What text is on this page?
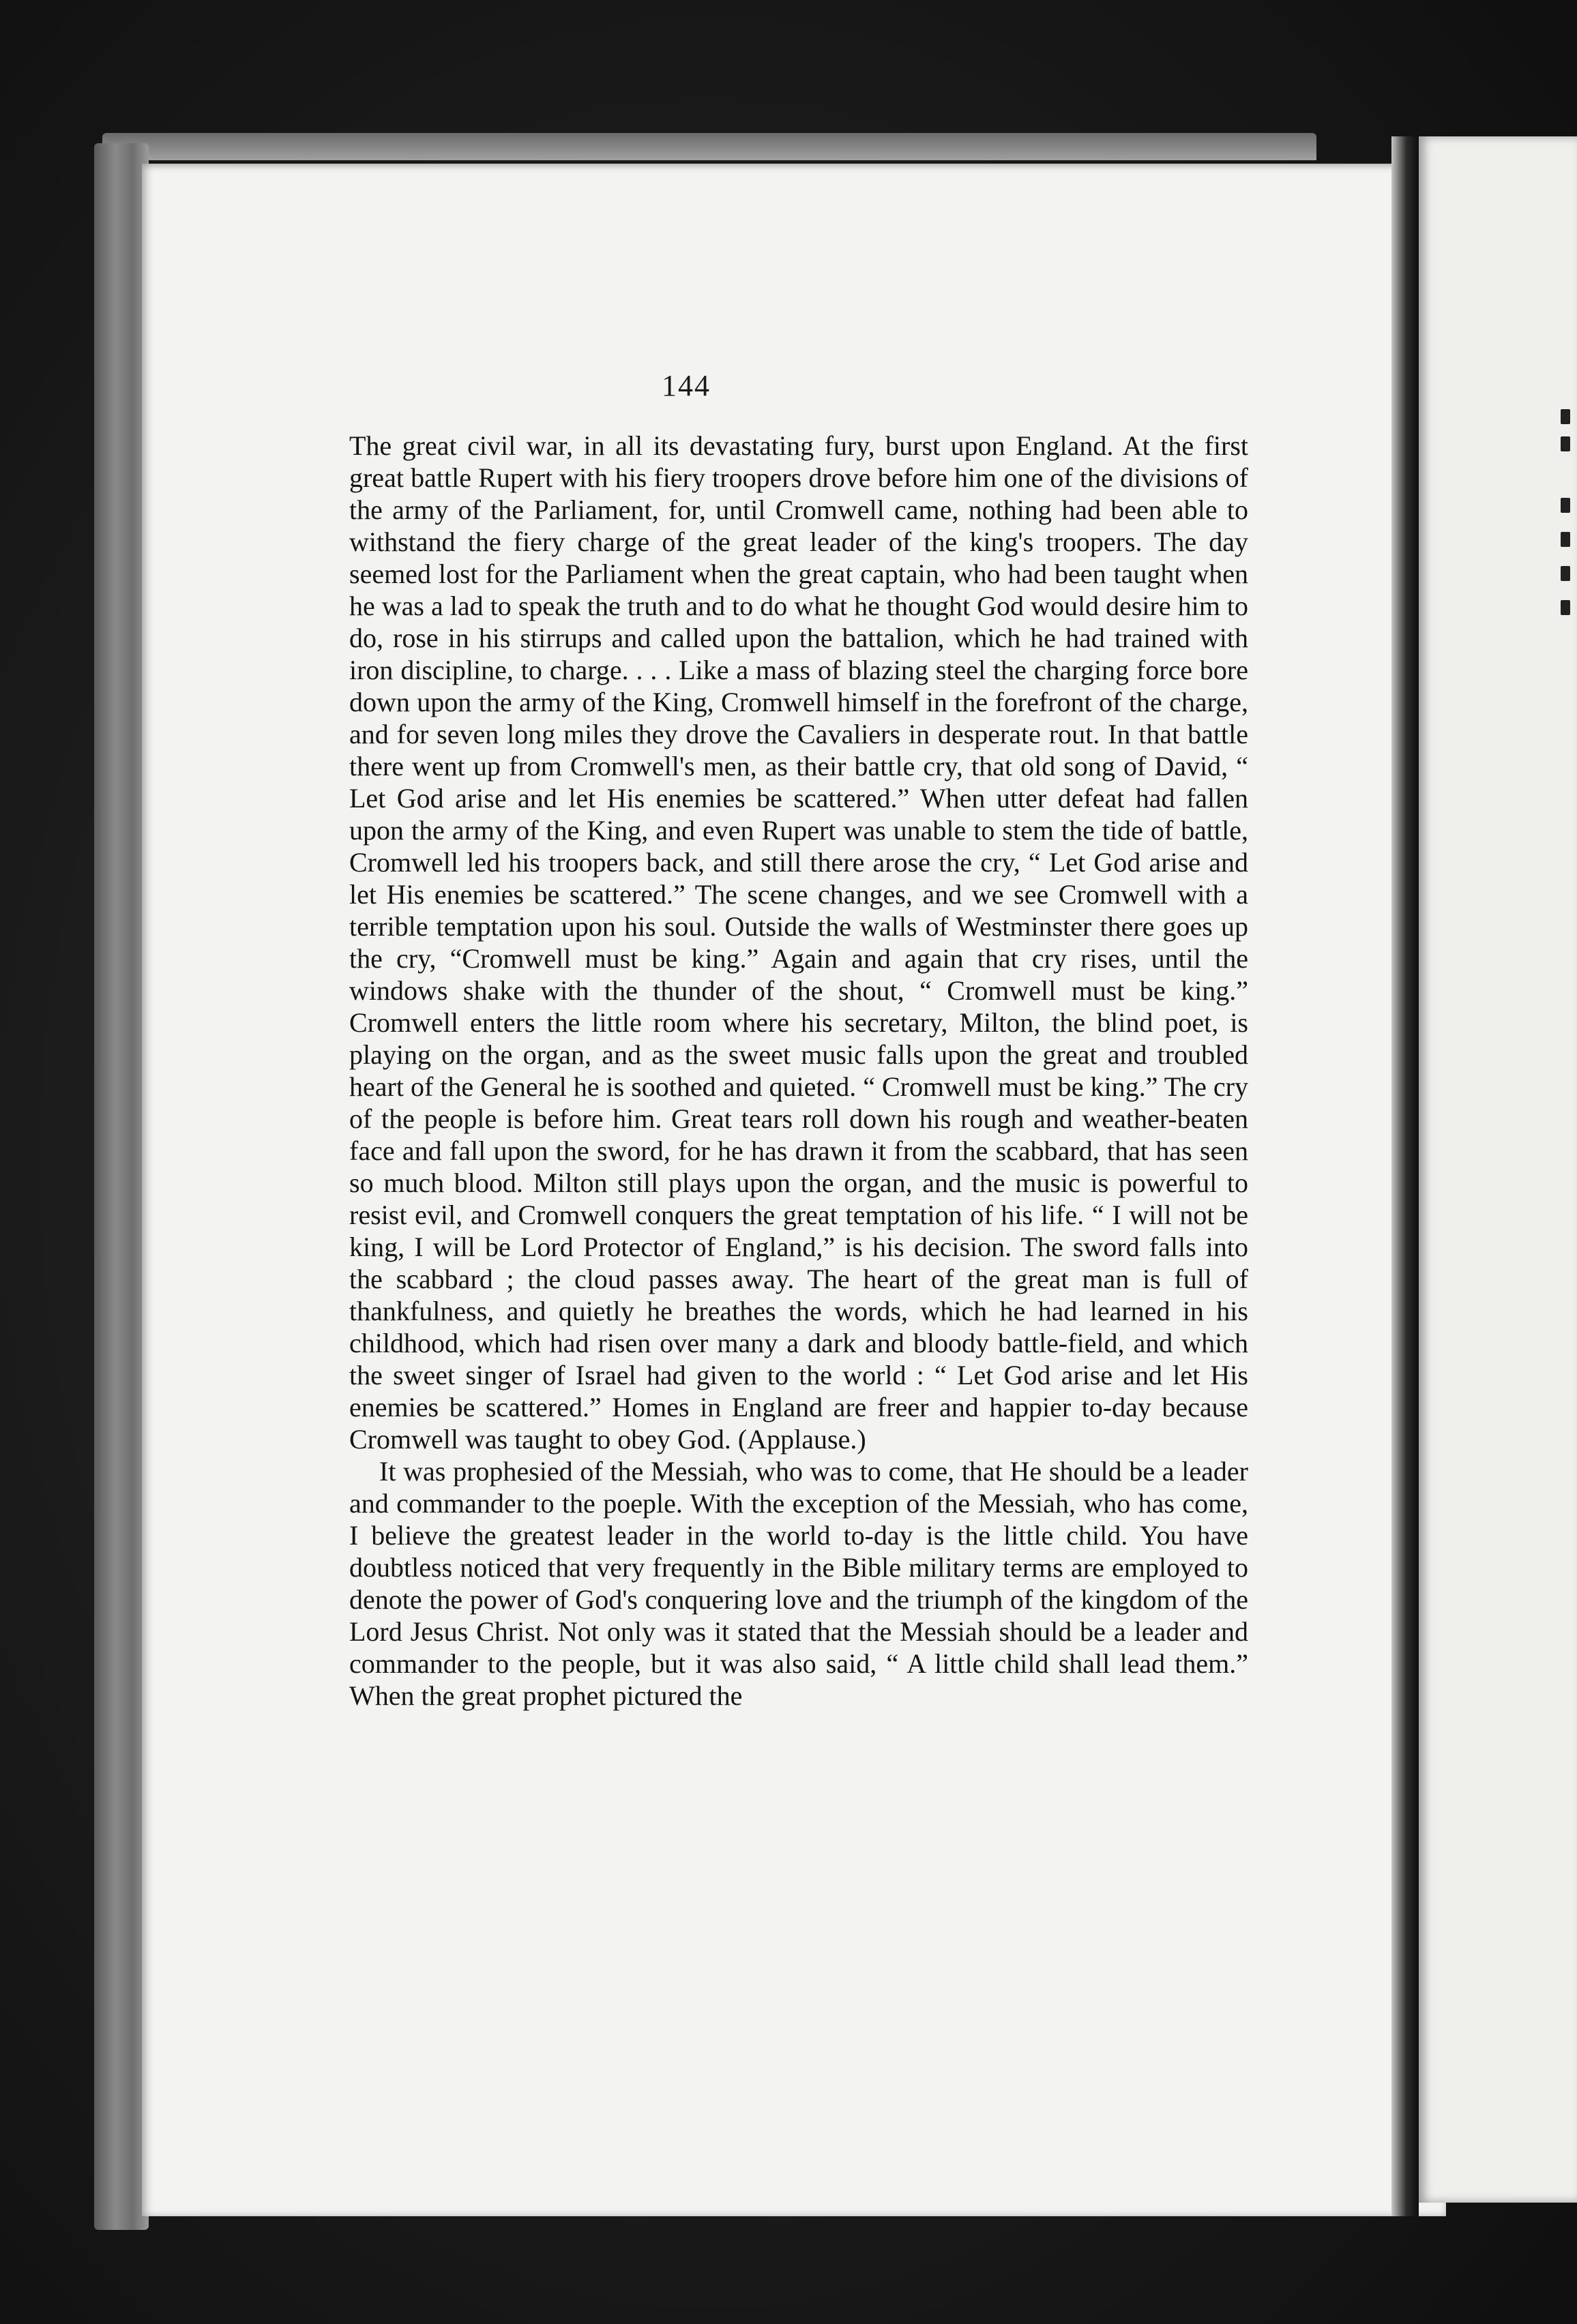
144

The great civil war, in all its devastating fury, burst upon England. At the first great battle Rupert with his fiery troopers drove before him one of the divisions of the army of the Parliament, for, until Cromwell came, nothing had been able to withstand the fiery charge of the great leader of the king's troopers. The day seemed lost for the Parliament when the great captain, who had been taught when he was a lad to speak the truth and to do what he thought God would desire him to do, rose in his stirrups and called upon the battalion, which he had trained with iron discipline, to charge. . . . Like a mass of blazing steel the charging force bore down upon the army of the King, Cromwell himself in the forefront of the charge, and for seven long miles they drove the Cavaliers in desperate rout. In that battle there went up from Cromwell's men, as their battle cry, that old song of David, “ Let God arise and let His enemies be scattered.” When utter defeat had fallen upon the army of the King, and even Rupert was unable to stem the tide of battle, Cromwell led his troopers back, and still there arose the cry, “ Let God arise and let His enemies be scattered.” The scene changes, and we see Cromwell with a terrible temptation upon his soul. Outside the walls of Westminster there goes up the cry, “Cromwell must be king.” Again and again that cry rises, until the windows shake with the thunder of the shout, “ Cromwell must be king.” Cromwell enters the little room where his secretary, Milton, the blind poet, is playing on the organ, and as the sweet music falls upon the great and troubled heart of the General he is soothed and quieted. “ Cromwell must be king.” The cry of the people is before him. Great tears roll down his rough and weather-beaten face and fall upon the sword, for he has drawn it from the scabbard, that has seen so much blood. Milton still plays upon the organ, and the music is powerful to resist evil, and Cromwell conquers the great temptation of his life. “ I will not be king, I will be Lord Protector of England,” is his decision. The sword falls into the scabbard ; the cloud passes away. The heart of the great man is full of thankfulness, and quietly he breathes the words, which he had learned in his childhood, which had risen over many a dark and bloody battle-field, and which the sweet singer of Israel had given to the world : “ Let God arise and let His enemies be scattered.” Homes in England are freer and happier to-day because Cromwell was taught to obey God. (Applause.)

It was prophesied of the Messiah, who was to come, that He should be a leader and commander to the poeple. With the exception of the Messiah, who has come, I believe the greatest leader in the world to-day is the little child. You have doubtless noticed that very frequently in the Bible military terms are employed to denote the power of God's conquering love and the triumph of the kingdom of the Lord Jesus Christ. Not only was it stated that the Messiah should be a leader and commander to the people, but it was also said, “ A little child shall lead them.” When the great prophet pictured the
